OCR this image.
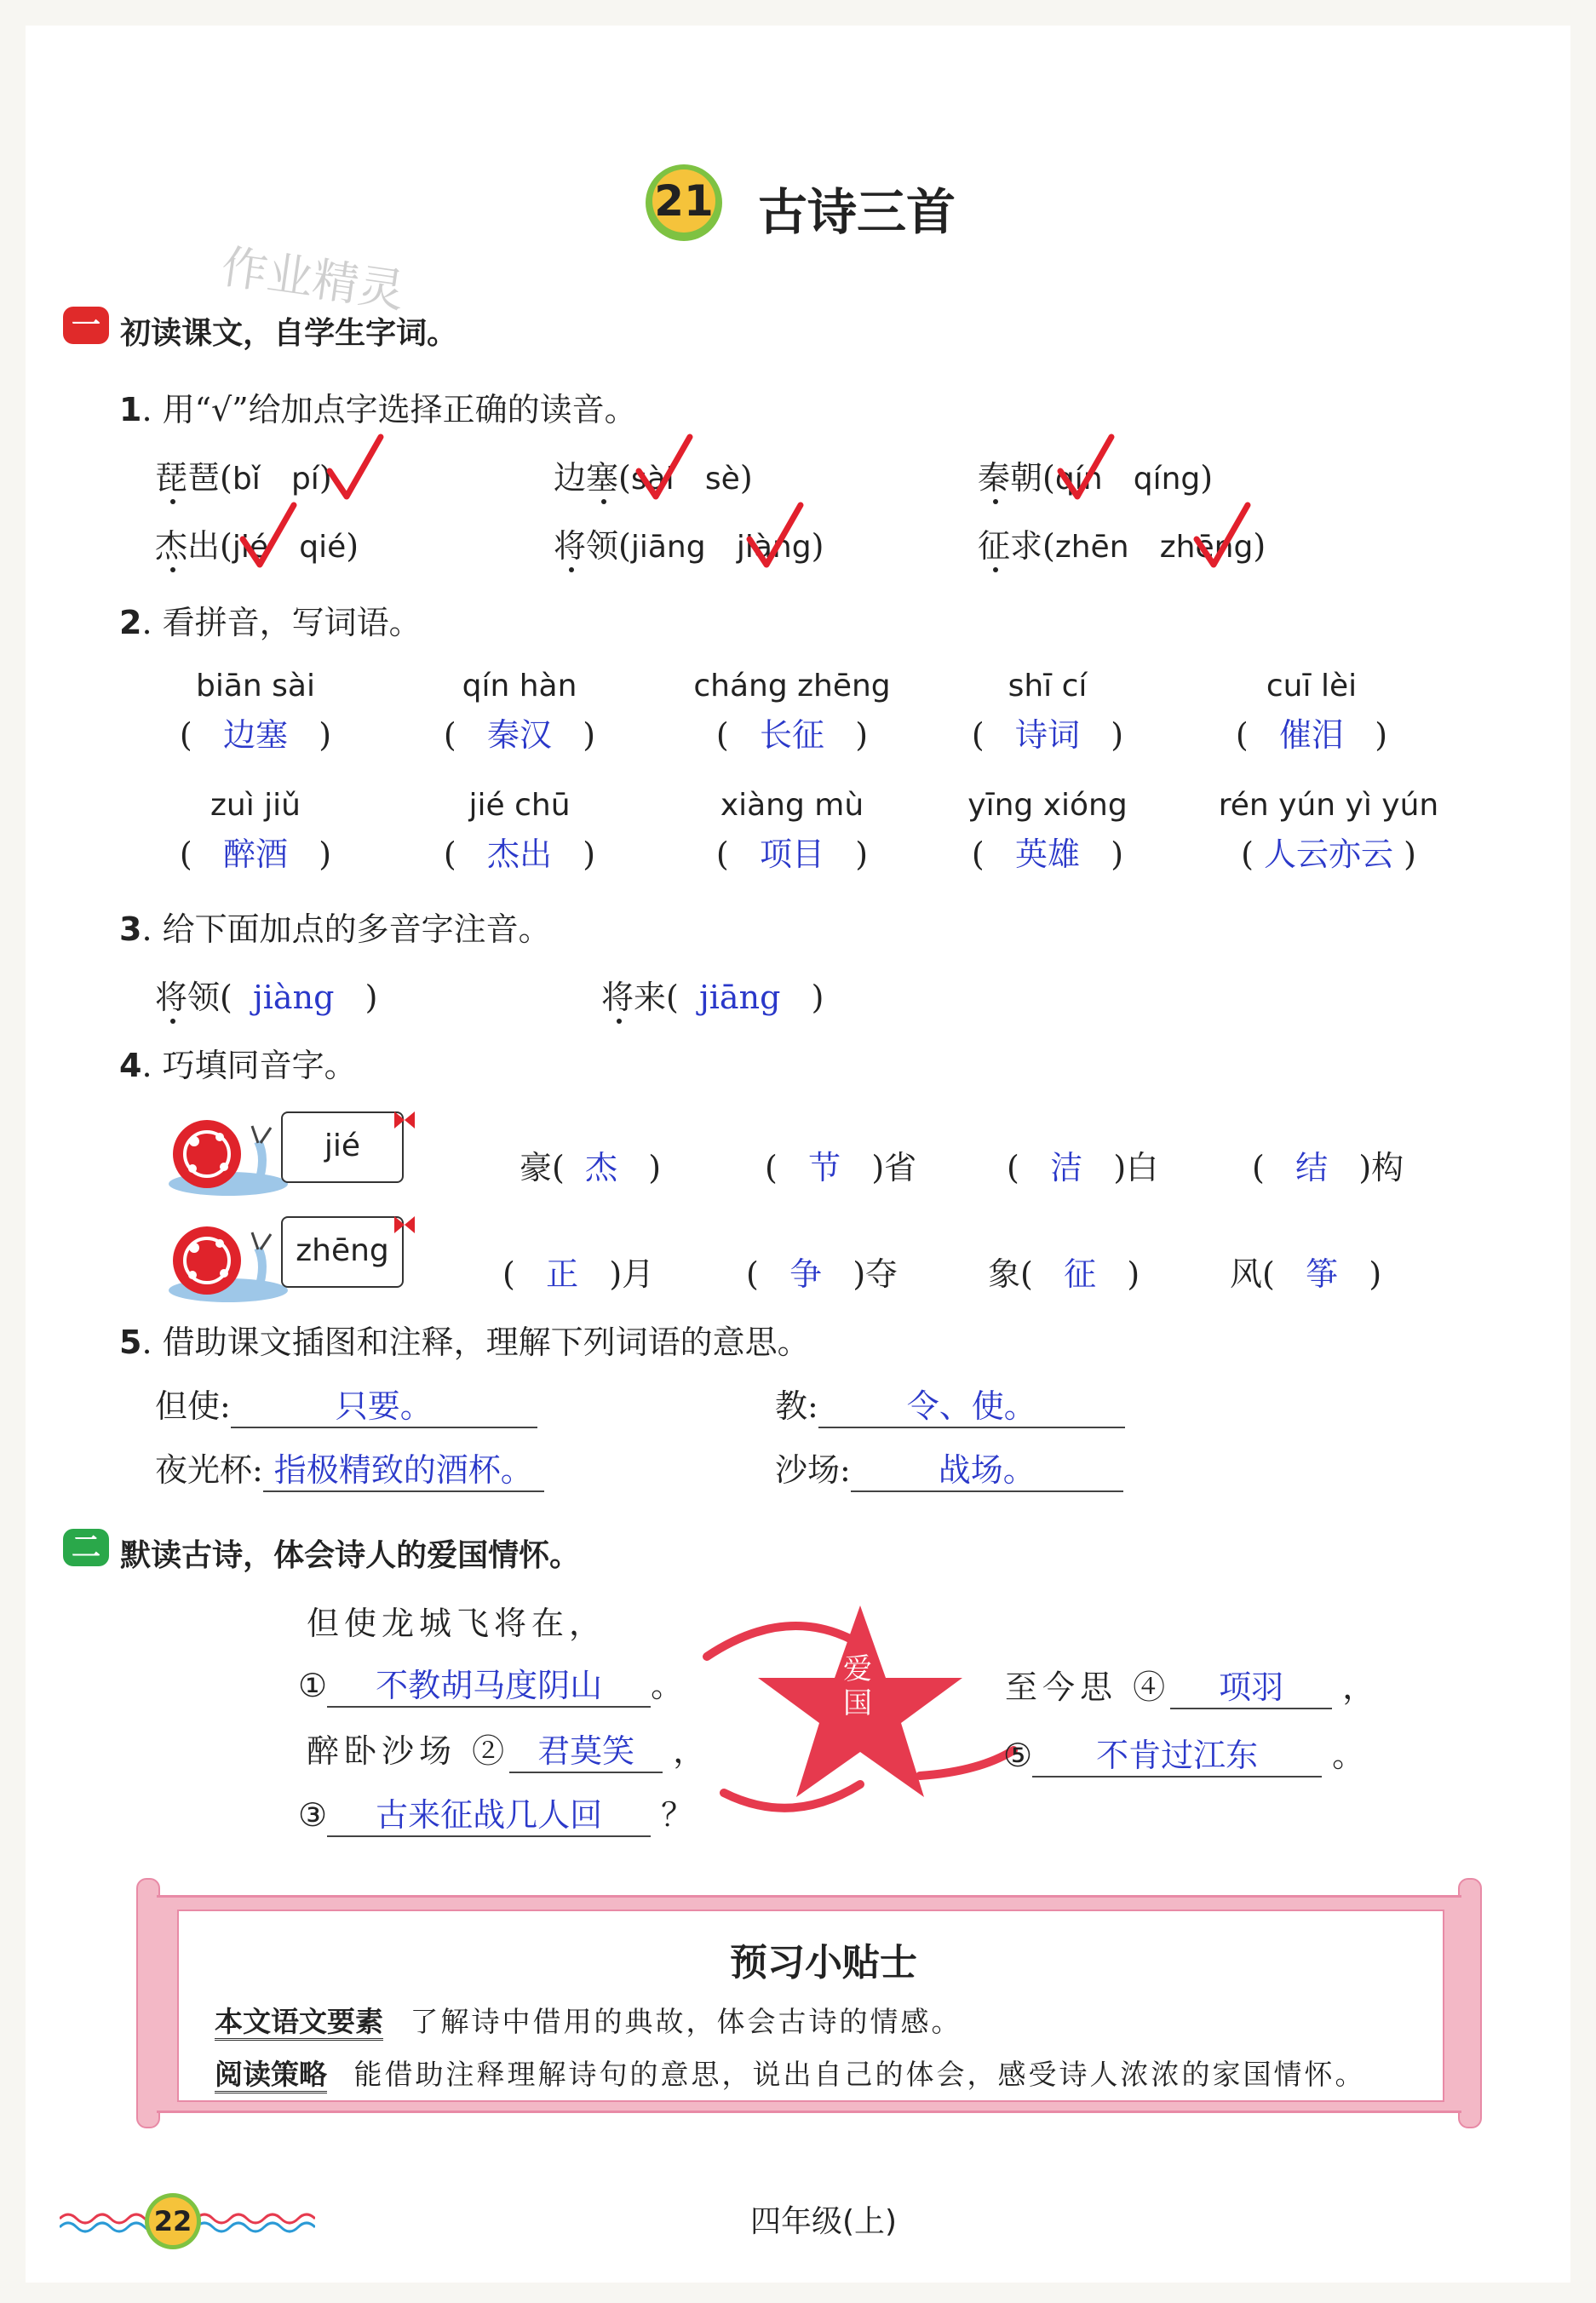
21 古诗三首
作业精灵
一 初读课文，自学生字词。
1. 用“√”给加点字选择正确的读音。
琵琶(bǐ pí)	边塞(sài sè)	秦朝(qín qíng)
杰出(jié qié)	将领(jiāng jiàng)	征求(zhēn zhēng)
2. 看拼音，写词语。
biān sài
(   边塞   )
qín hàn
(   秦汉   )
cháng zhēng
(   长征   )
shī cí
(   诗词   )
cuī lèi
(   催泪   )
zuì jiǔ
(   醉酒   )
jié chū
(   杰出   )
xiàng mù
(   项目   )
yīng xióng
(   英雄   )
rén yún yì yún
( 人云亦云 )
3. 给下面加点的多音字注音。
将领( jiàng )	将来( jiāng )
4. 巧填同音字。
jié
豪( 杰 )	( 节 )省	( 洁 )白	( 结 )构
zhēng
( 正 )月	( 争 )夺	象( 征 )	风( 筝 )
5. 借助课文插图和注释，理解下列词语的意思。
但使:	只要。	教:	令、使。
夜光杯: 指极精致的酒杯。	沙场:	战场。
二 默读古诗，体会诗人的爱国情怀。
但使龙城飞将在，
① 不教胡马度阴山 。
醉卧沙场 ② 君莫笑 ，
③ 古来征战几人回 ？
爱国	至今思 ④ 项羽 ，
⑤ 不肯过江东 。
预习小贴士
本文语文要素 了解诗中借用的典故，体会古诗的情感。
阅读策略 能借助注释理解诗句的意思，说出自己的体会，感受诗人浓浓的家国情怀。
22	四年级(上)
